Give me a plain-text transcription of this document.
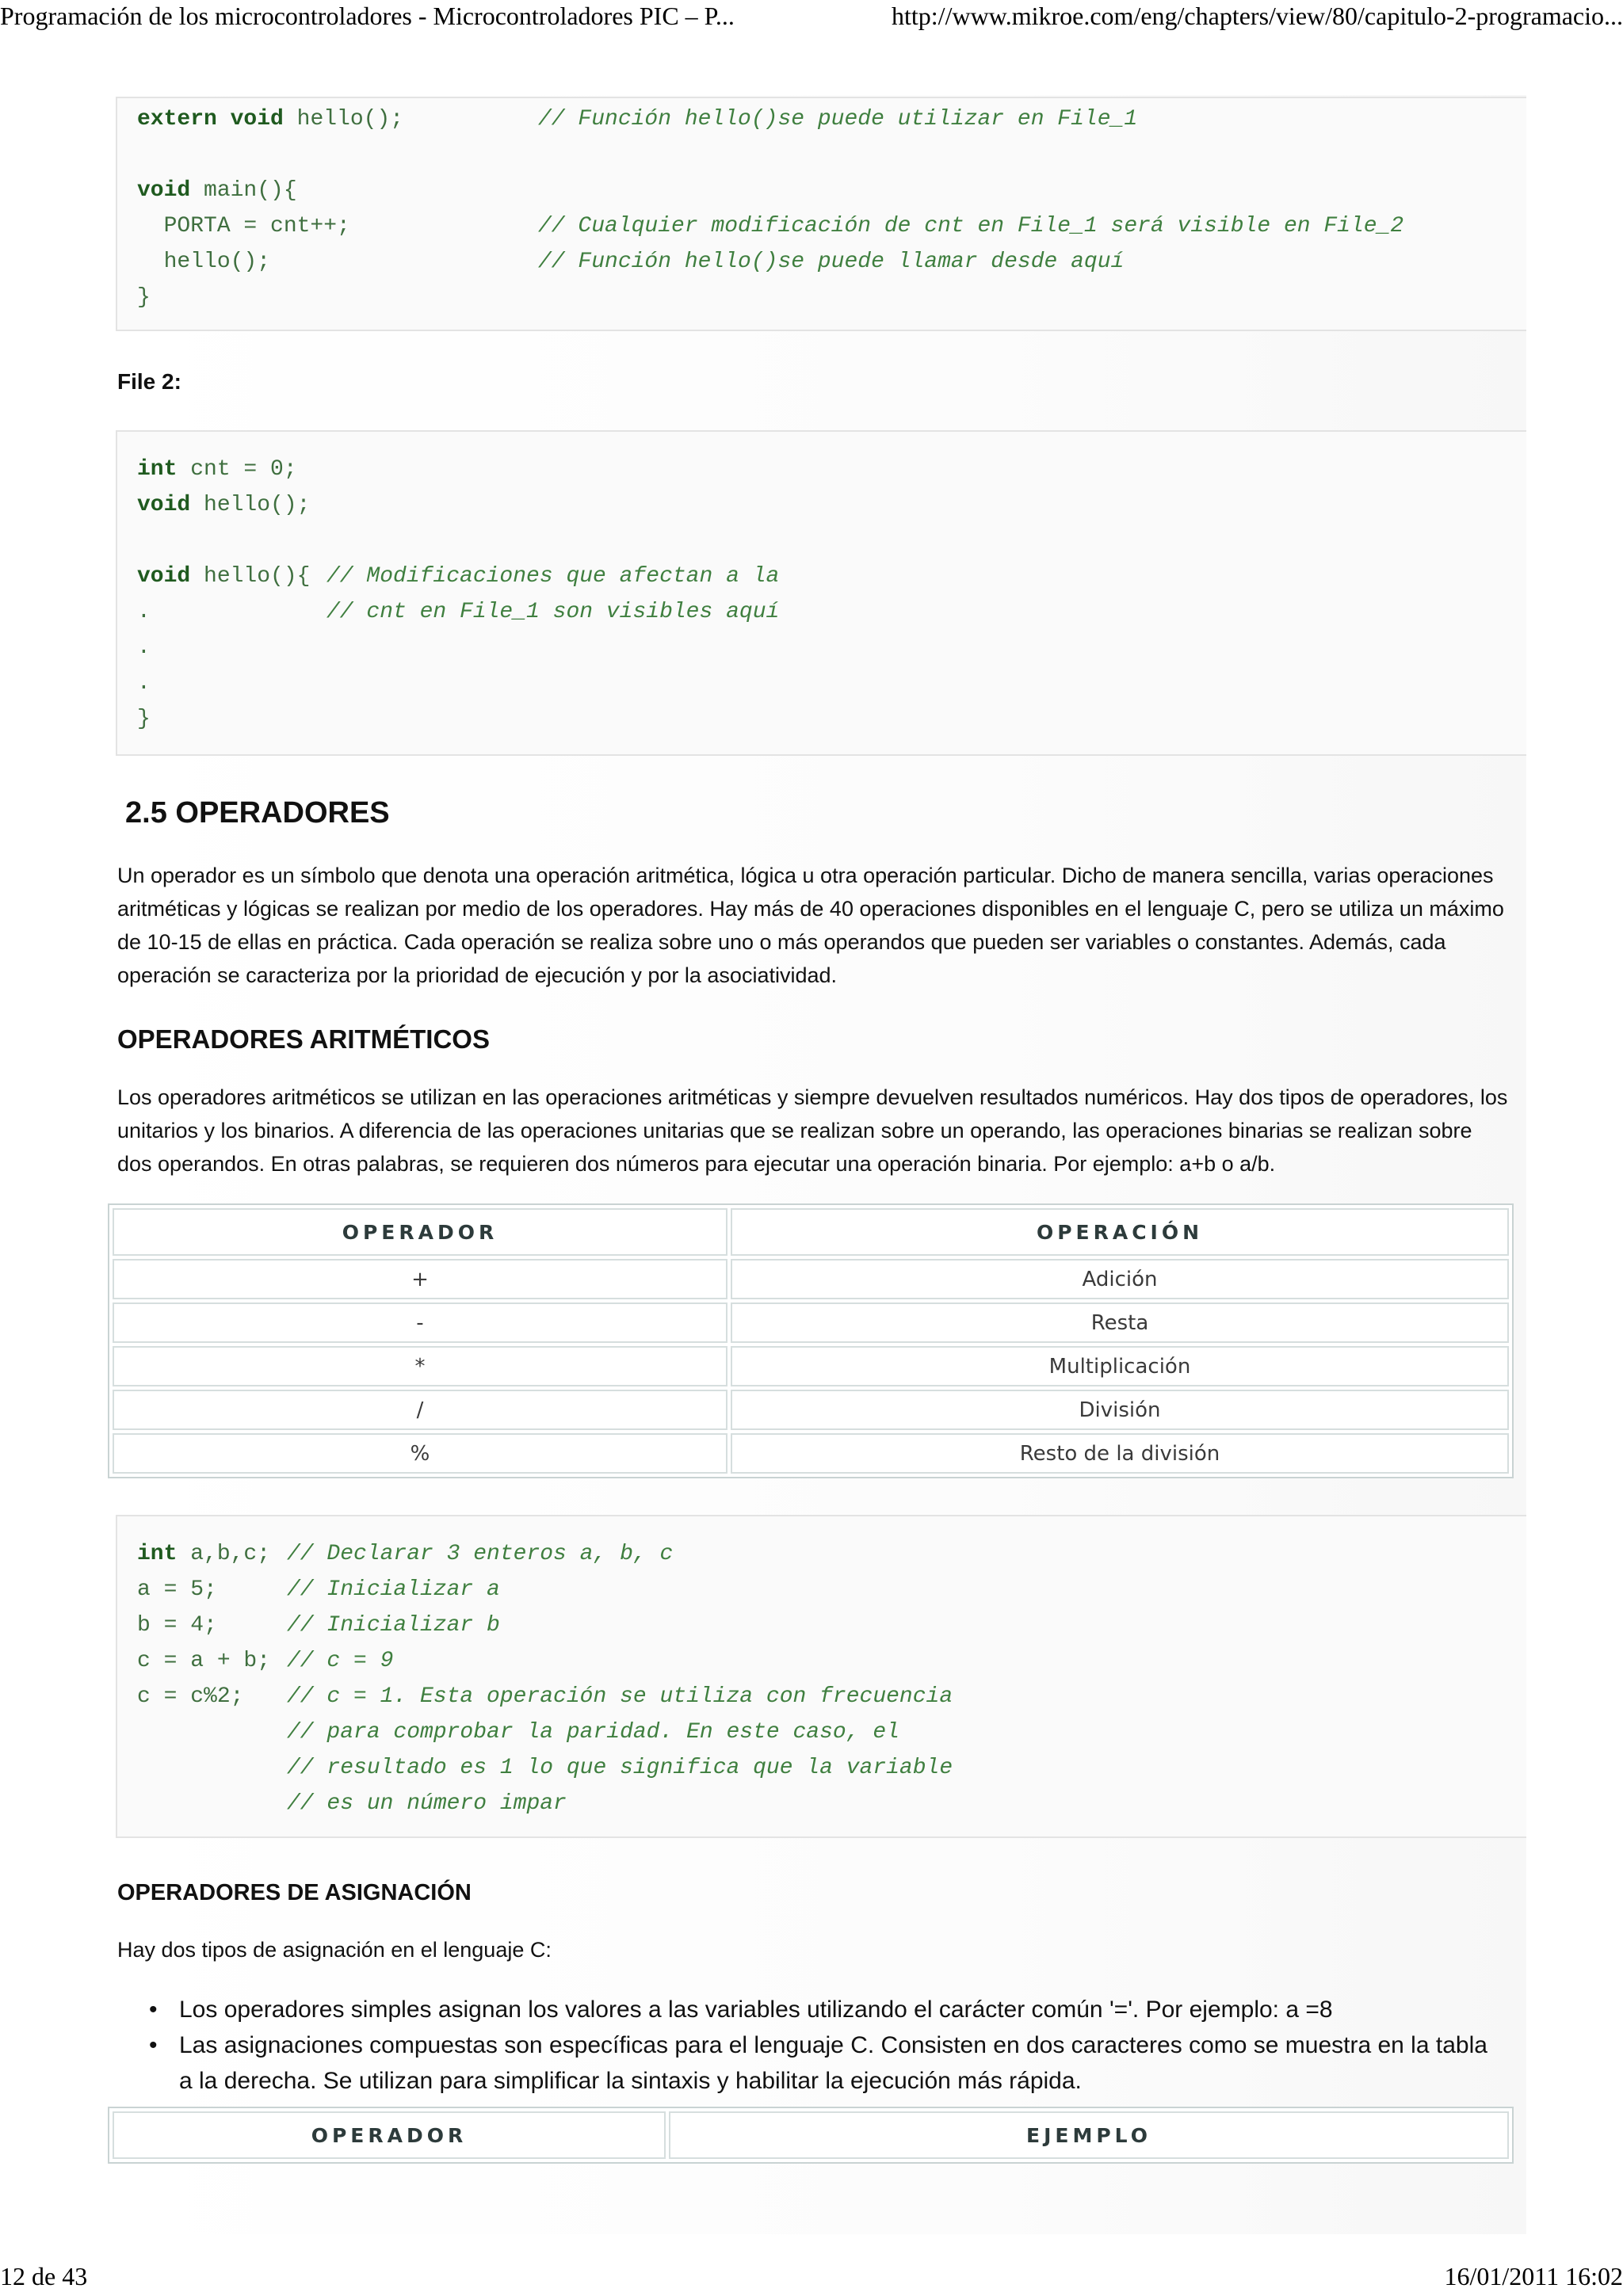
Programación de los microcontroladores - Microcontroladores PIC – P...	http://www.mikroe.com/eng/chapters/view/80/capitulo-2-programacio...
extern void hello();	// Función hello()se puede utilizar en File_1
void main(){
PORTA = cnt++;	// Cualquier modificación de cnt en File_1 será visible en File_2
hello();	// Función hello()se puede llamar desde aquí
}
File 2:
int cnt = 0;
void hello();
void hello(){ // Modificaciones que afectan a la
.	// cnt en File_1 son visibles aquí
.
.
}
2.5 OPERADORES
Un operador es un símbolo que denota una operación aritmética, lógica u otra operación particular. Dicho de manera sencilla, varias operaciones aritméticas y lógicas se realizan por medio de los operadores. Hay más de 40 operaciones disponibles en el lenguaje C, pero se utiliza un máximo de 10-15 de ellas en práctica. Cada operación se realiza sobre uno o más operandos que pueden ser variables o constantes. Además, cada operación se caracteriza por la prioridad de ejecución y por la asociatividad.
OPERADORES ARITMÉTICOS
Los operadores aritméticos se utilizan en las operaciones aritméticas y siempre devuelven resultados numéricos. Hay dos tipos de operadores, los unitarios y los binarios. A diferencia de las operaciones unitarias que se realizan sobre un operando, las operaciones binarias se realizan sobre dos operandos. En otras palabras, se requieren dos números para ejecutar una operación binaria. Por ejemplo: a+b o a/b.
OPERADOR	OPERACIÓN
+	Adición
-	Resta
*	Multiplicación
/	División
%	Resto de la división
int a,b,c; // Declarar 3 enteros a, b, c
a = 5;	// Inicializar a
b = 4;	// Inicializar b
c = a + b; // c = 9
c = c%2; // c = 1. Esta operación se utiliza con frecuencia
// para comprobar la paridad. En este caso, el
// resultado es 1 lo que significa que la variable
// es un número impar
OPERADORES DE ASIGNACIÓN
Hay dos tipos de asignación en el lenguaje C:
• Los operadores simples asignan los valores a las variables utilizando el carácter común '='. Por ejemplo: a =8
• Las asignaciones compuestas son específicas para el lenguaje C. Consisten en dos caracteres como se muestra en la tabla a la derecha. Se utilizan para simplificar la sintaxis y habilitar la ejecución más rápida.
OPERADOR	EJEMPLO
12 de 43	16/01/2011 16:02
